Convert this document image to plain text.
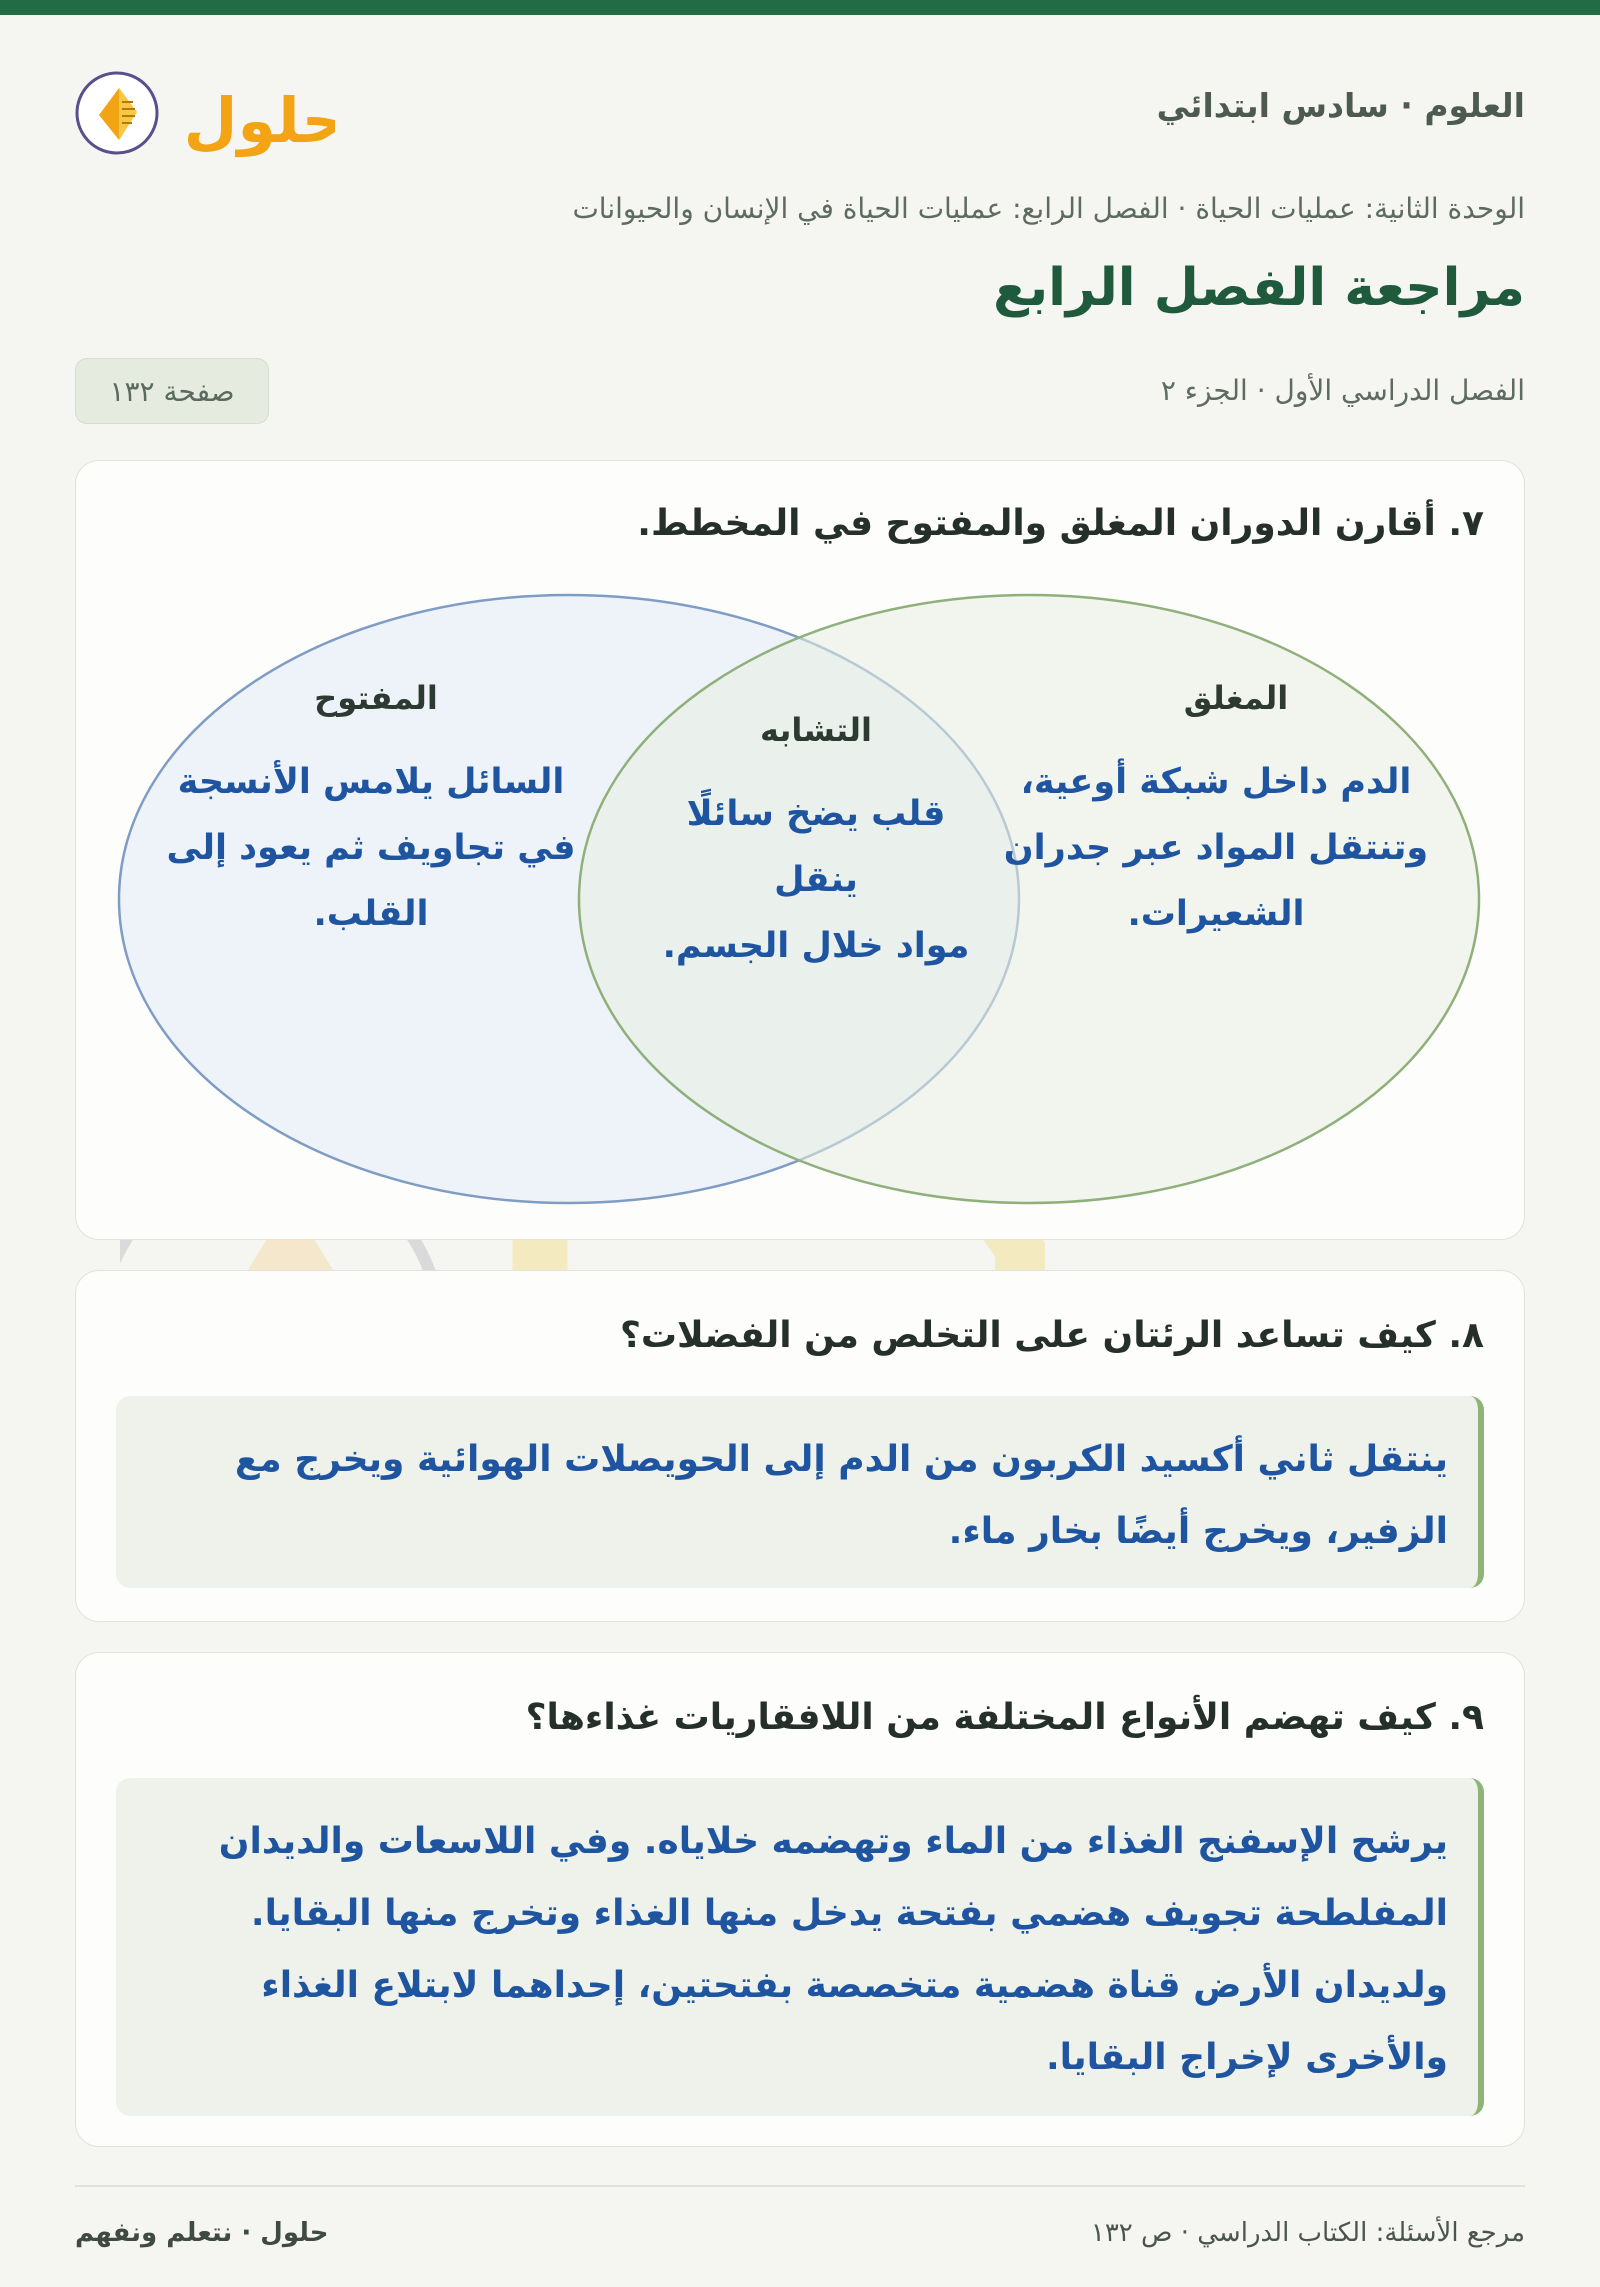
حلول	العلوم · سادس ابتدائي
الوحدة الثانية: عمليات الحياة · الفصل الرابع: عمليات الحياة في الإنسان والحيوانات
مراجعة الفصل الرابع
الفصل الدراسي الأول · الجزء ٢
صفحة ١٣٢
٧. أقارن الدوران المغلق والمفتوح في المخطط.
المفتوح
التشابه
المغلق
السائل يلامس الأنسجة
في تجاويف ثم يعود إلى
القلب.
قلب يضخ سائلًا ينقل
مواد خلال الجسم.
الدم داخل شبكة أوعية،
وتنتقل المواد عبر جدران
الشعيرات.
٨. كيف تساعد الرئتان على التخلص من الفضلات؟
ينتقل ثاني أكسيد الكربون من الدم إلى الحويصلات الهوائية ويخرج مع الزفير، ويخرج أيضًا بخار ماء.
٩. كيف تهضم الأنواع المختلفة من اللافقاريات غذاءها؟
يرشح الإسفنج الغذاء من الماء وتهضمه خلاياه. وفي اللاسعات والديدان المفلطحة تجويف هضمي بفتحة يدخل منها الغذاء وتخرج منها البقايا. ولديدان الأرض قناة هضمية متخصصة بفتحتين، إحداهما لابتلاع الغذاء والأخرى لإخراج البقايا.
حلول · نتعلم ونفهم	مرجع الأسئلة: الكتاب الدراسي · ص ١٣٢
